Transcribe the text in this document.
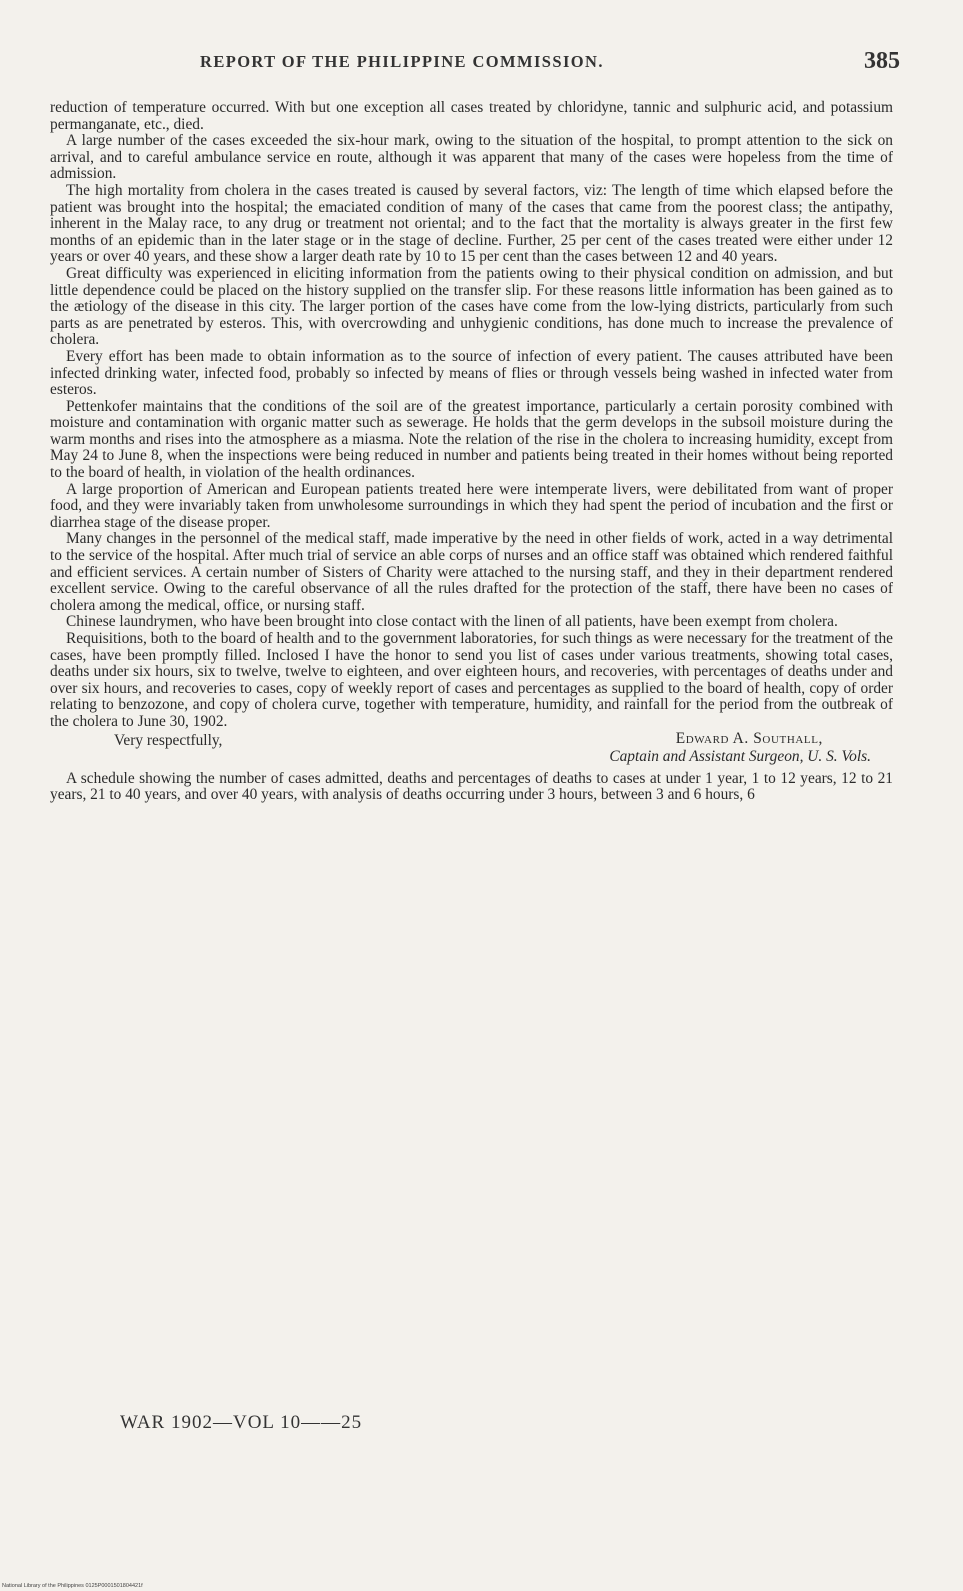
REPORT OF THE PHILIPPINE COMMISSION.	385

reduction of temperature occurred. With but one exception all cases treated by chloridyne, tannic and sulphuric acid, and potassium permanganate, etc., died.

A large number of the cases exceeded the six-hour mark, owing to the situation of the hospital, to prompt attention to the sick on arrival, and to careful ambulance service en route, although it was apparent that many of the cases were hopeless from the time of admission.

The high mortality from cholera in the cases treated is caused by several factors, viz: The length of time which elapsed before the patient was brought into the hospital; the emaciated condition of many of the cases that came from the poorest class; the antipathy, inherent in the Malay race, to any drug or treatment not oriental; and to the fact that the mortality is always greater in the first few months of an epidemic than in the later stage or in the stage of decline. Further, 25 per cent of the cases treated were either under 12 years or over 40 years, and these show a larger death rate by 10 to 15 per cent than the cases between 12 and 40 years.

Great difficulty was experienced in eliciting information from the patients owing to their physical condition on admission, and but little dependence could be placed on the history supplied on the transfer slip. For these reasons little information has been gained as to the ætiology of the disease in this city. The larger portion of the cases have come from the low-lying districts, particularly from such parts as are penetrated by esteros. This, with overcrowding and unhygienic conditions, has done much to increase the prevalence of cholera.

Every effort has been made to obtain information as to the source of infection of every patient. The causes attributed have been infected drinking water, infected food, probably so infected by means of flies or through vessels being washed in infected water from esteros.

Pettenkofer maintains that the conditions of the soil are of the greatest importance, particularly a certain porosity combined with moisture and contamination with organic matter such as sewerage. He holds that the germ develops in the subsoil moisture during the warm months and rises into the atmosphere as a miasma. Note the relation of the rise in the cholera to increasing humidity, except from May 24 to June 8, when the inspections were being reduced in number and patients being treated in their homes without being reported to the board of health, in violation of the health ordinances.

A large proportion of American and European patients treated here were intemperate livers, were debilitated from want of proper food, and they were invariably taken from unwholesome surroundings in which they had spent the period of incubation and the first or diarrhea stage of the disease proper.

Many changes in the personnel of the medical staff, made imperative by the need in other fields of work, acted in a way detrimental to the service of the hospital. After much trial of service an able corps of nurses and an office staff was obtained which rendered faithful and efficient services. A certain number of Sisters of Charity were attached to the nursing staff, and they in their department rendered excellent service. Owing to the careful observance of all the rules drafted for the protection of the staff, there have been no cases of cholera among the medical, office, or nursing staff.

Chinese laundrymen, who have been brought into close contact with the linen of all patients, have been exempt from cholera.

Requisitions, both to the board of health and to the government laboratories, for such things as were necessary for the treatment of the cases, have been promptly filled. Inclosed I have the honor to send you list of cases under various treatments, showing total cases, deaths under six hours, six to twelve, twelve to eighteen, and over eighteen hours, and recoveries, with percentages of deaths under and over six hours, and recoveries to cases, copy of weekly report of cases and percentages as supplied to the board of health, copy of order relating to benzozone, and copy of cholera curve, together with temperature, humidity, and rainfall for the period from the outbreak of the cholera to June 30, 1902.

Very respectfully,	Edward A. Southall,
Captain and Assistant Surgeon, U. S. Vols.

A schedule showing the number of cases admitted, deaths and percentages of deaths to cases at under 1 year, 1 to 12 years, 12 to 21 years, 21 to 40 years, and over 40 years, with analysis of deaths occurring under 3 hours, between 3 and 6 hours, 6

WAR 1902—VOL 10——25
National Library of the Philippines 0125P0001501804421f
